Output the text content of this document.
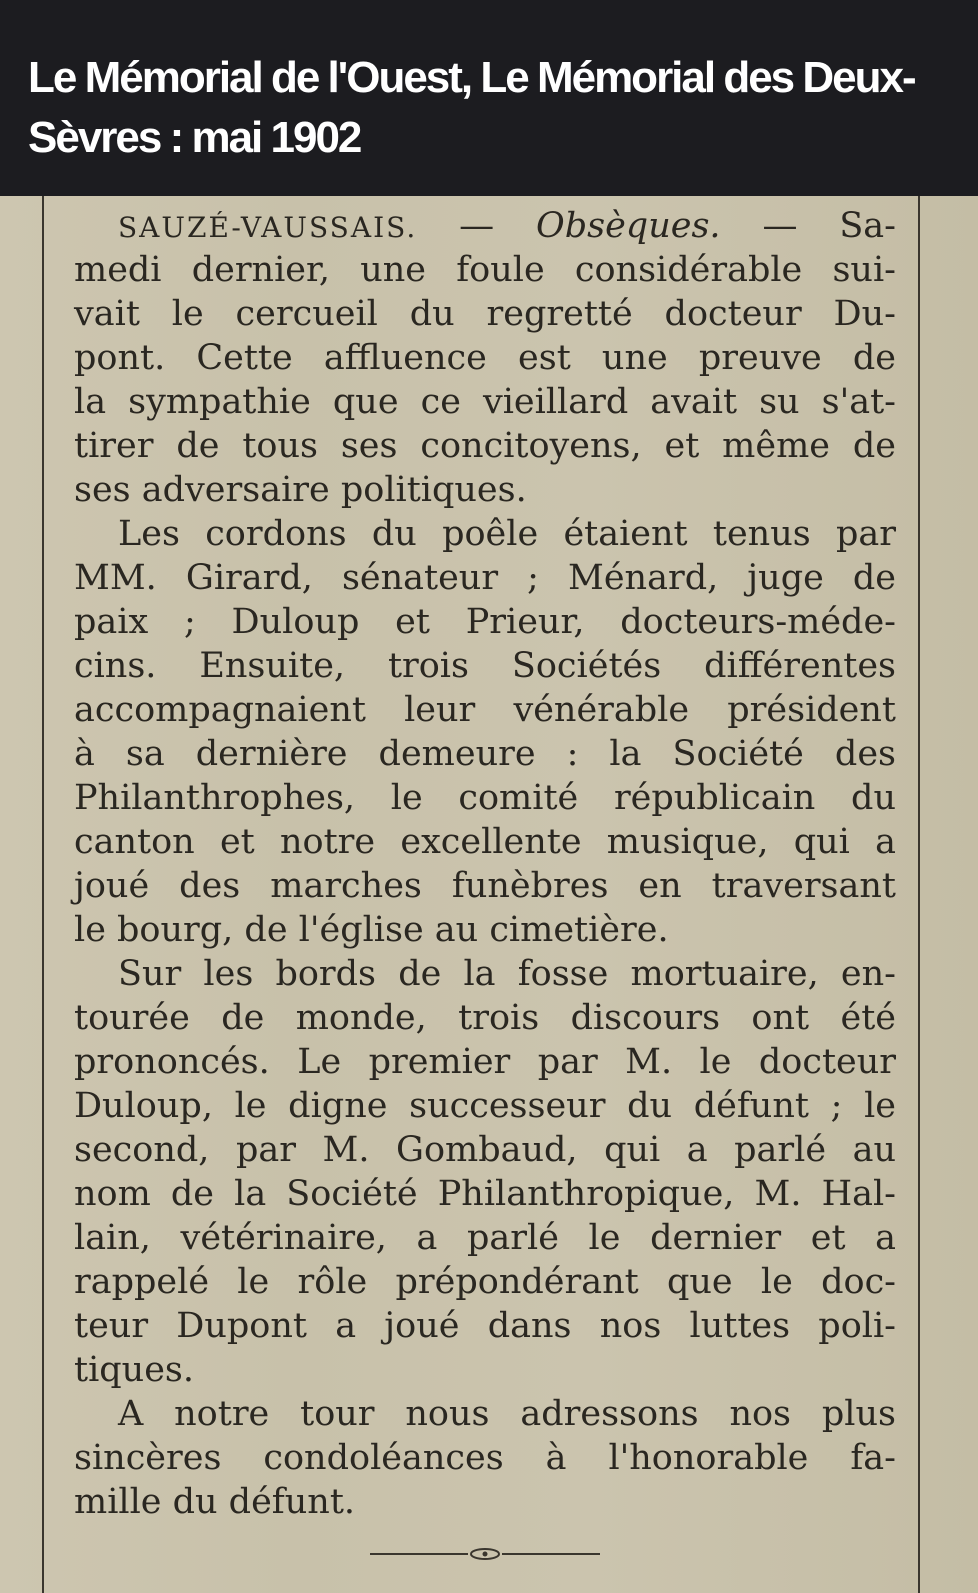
Le Mémorial de l'Ouest, Le Mémorial des Deux-Sèvres : mai 1902
SAUZÉ-VAUSSAIS. — Obsèques. — Sa-
medi dernier, une foule considérable sui-
vait le cercueil du regretté docteur Du-
pont. Cette affluence est une preuve de
la sympathie que ce vieillard avait su s'at-
tirer de tous ses concitoyens, et même de
ses adversaire politiques.
Les cordons du poêle étaient tenus par
MM. Girard, sénateur ; Ménard, juge de
paix ; Duloup et Prieur, docteurs-méde-
cins. Ensuite, trois Sociétés différentes
accompagnaient leur vénérable président
à sa dernière demeure : la Société des
Philanthrophes, le comité républicain du
canton et notre excellente musique, qui a
joué des marches funèbres en traversant
le bourg, de l'église au cimetière.
Sur les bords de la fosse mortuaire, en-
tourée de monde, trois discours ont été
prononcés. Le premier par M. le docteur
Duloup, le digne successeur du défunt ; le
second, par M. Gombaud, qui a parlé au
nom de la Société Philanthropique, M. Hal-
lain, vétérinaire, a parlé le dernier et a
rappelé le rôle prépondérant que le doc-
teur Dupont a joué dans nos luttes poli-
tiques.
A notre tour nous adressons nos plus
sincères condoléances à l'honorable fa-
mille du défunt.
